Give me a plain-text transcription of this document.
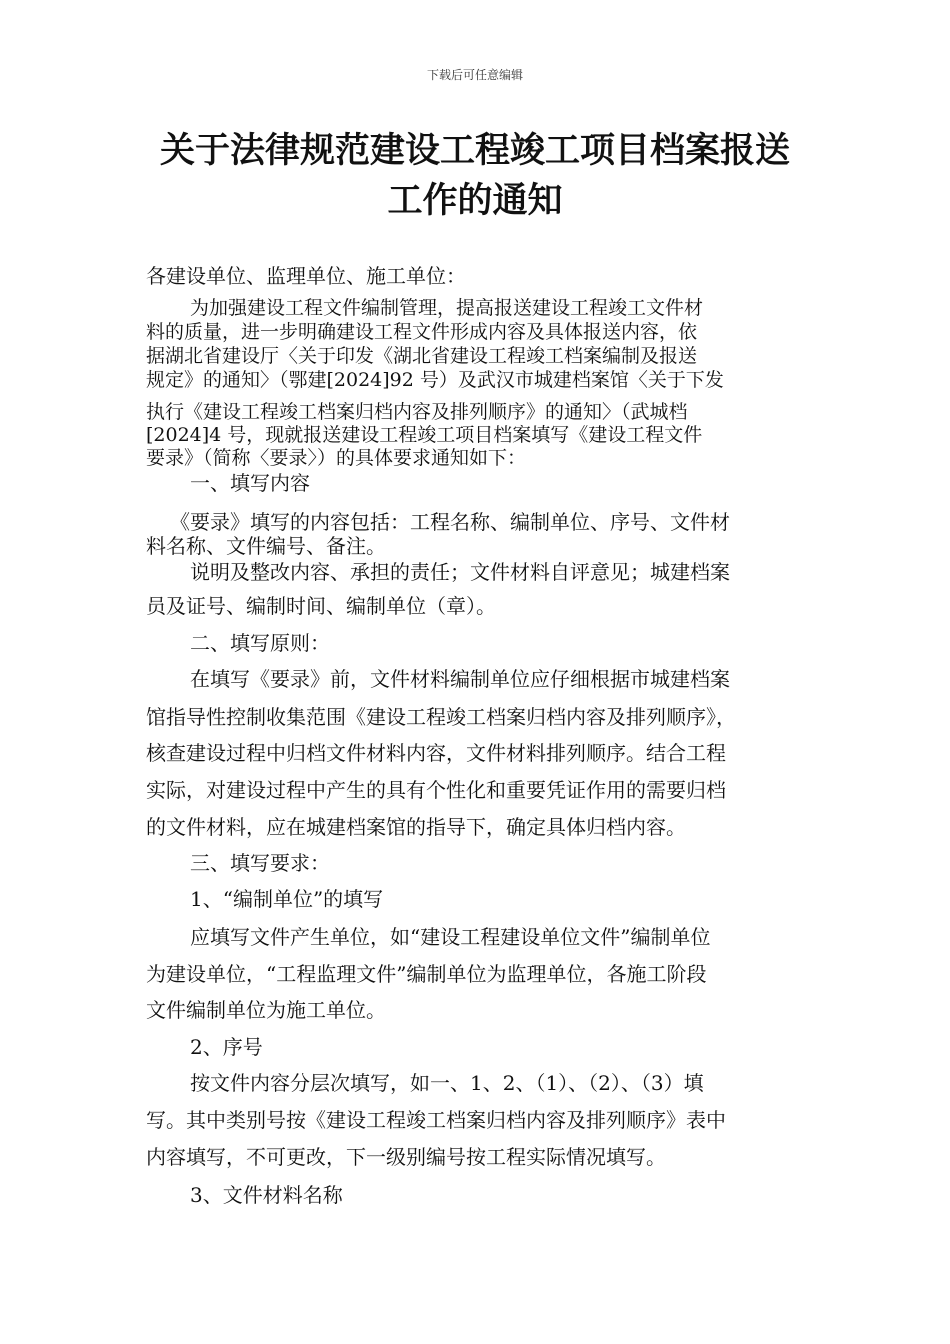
下载后可任意编辑
关于法律规范建设工程竣工项目档案报送
工作的通知
各建设单位、监理单位、施工单位：
为加强建设工程文件编制管理，提高报送建设工程竣工文件材
料的质量，进一步明确建设工程文件形成内容及具体报送内容，依
据湖北省建设厅〈关于印发《湖北省建设工程竣工档案编制及报送
规定》的通知〉（鄂建[2024]92 号）及武汉市城建档案馆〈关于下发
执行《建设工程竣工档案归档内容及排列顺序》的通知〉（武城档
[2024]4 号，现就报送建设工程竣工项目档案填写《建设工程文件
要录》（简称〈要录〉）的具体要求通知如下：
一、填写内容
《要录》填写的内容包括：工程名称、编制单位、序号、文件材
料名称、文件编号、备注。
说明及整改内容、承担的责任；文件材料自评意见；城建档案
员及证号、编制时间、编制单位（章）。
二、填写原则：
在填写《要录》前，文件材料编制单位应仔细根据市城建档案
馆指导性控制收集范围《建设工程竣工档案归档内容及排列顺序》，
核查建设过程中归档文件材料内容，文件材料排列顺序。结合工程
实际，对建设过程中产生的具有个性化和重要凭证作用的需要归档
的文件材料，应在城建档案馆的指导下，确定具体归档内容。
三、填写要求：
1、“编制单位”的填写
应填写文件产生单位，如“建设工程建设单位文件”编制单位
为建设单位，“工程监理文件”编制单位为监理单位，各施工阶段
文件编制单位为施工单位。
2、序号
按文件内容分层次填写，如一、1、2、（1）、（2）、（3）填
写。其中类别号按《建设工程竣工档案归档内容及排列顺序》表中
内容填写，不可更改，下一级别编号按工程实际情况填写。
3、文件材料名称
